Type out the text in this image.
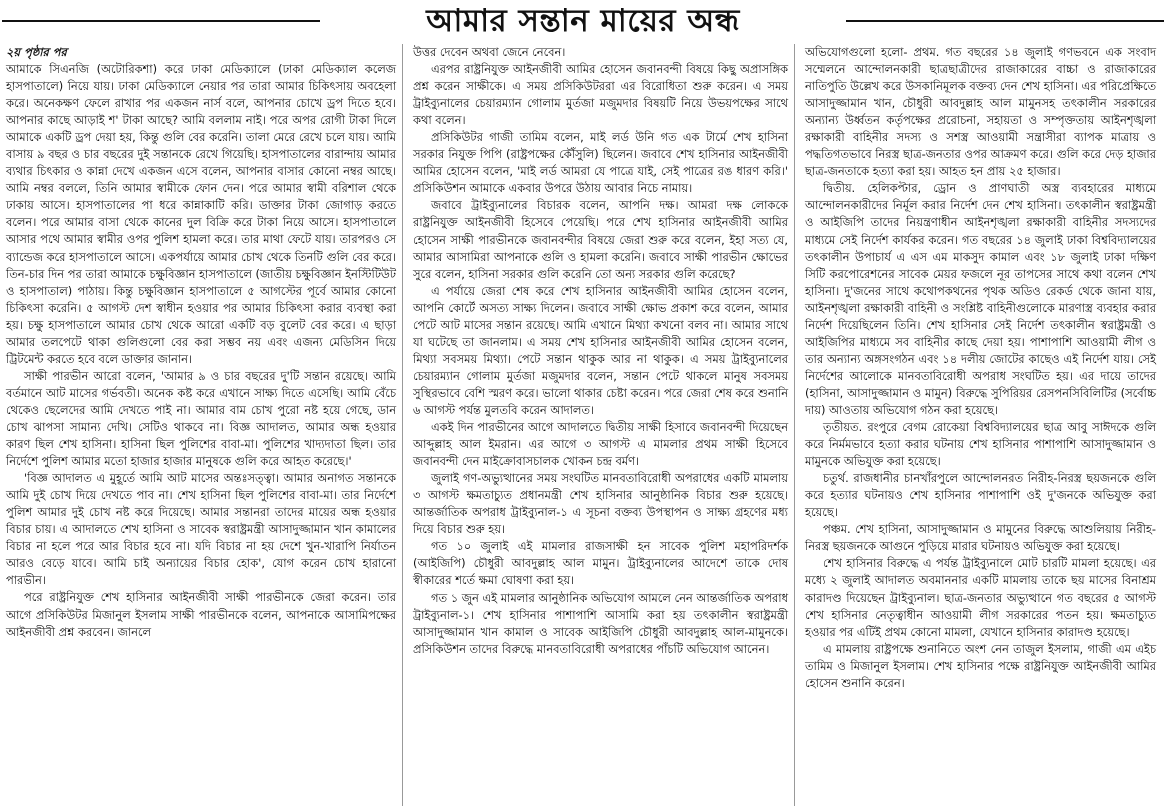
আমার সন্তান মায়ের অন্ধ

২য় পৃষ্ঠার পর

আমাকে সিএনজি (অটোরিকশা) করে ঢাকা মেডিক্যালে (ঢাকা মেডিক্যাল কলেজ হাসপাতালে) নিয়ে যায়। ঢাকা মেডিক্যালে নেয়ার পর তারা আমার চিকিৎসায় অবহেলা করে। অনেকক্ষণ ফেলে রাখার পর একজন নার্স বলে, আপনার চোখে ড্রপ দিতে হবে। আপনার কাছে আড়াই শ' টাকা আছে? আমি বললাম নাই। পরে অপর রোগী টাকা দিলে আমাকে একটি ড্রপ দেয়া হয়, কিন্তু গুলি বের করেনি। তালা মেরে রেখে চলে যায়। আমি বাসায় ৯ বছর ও চার বছরের দুই সন্তানকে রেখে গিয়েছি। হাসপাতালের বারান্দায় আমার ব্যথার চিৎকার ও কান্না দেখে একজন এসে বলেন, আপনার বাসার কোনো নম্বর আছে। আমি নম্বর বললে, তিনি আমার স্বামীকে ফোন দেন। পরে আমার স্বামী বরিশাল থেকে ঢাকায় আসে। হাসপাতালের পা ধরে কান্নাকাটি করি। ডাক্তার টাকা জোগাড় করতে বলেন। পরে আমার বাসা থেকে কানের দুল বিক্রি করে টাকা নিয়ে আসে। হাসপাতালে আসার পথে আমার স্বামীর ওপর পুলিশ হামলা করে। তার মাথা ফেটে যায়। তারপরও সে ব্যান্ডেজ করে হাসপাতালে আসে। একপর্যায়ে আমার চোখ থেকে তিনটি গুলি বের করে। তিন-চার দিন পর তারা আমাকে চক্ষুবিজ্ঞান হাসপাতালে (জাতীয় চক্ষুবিজ্ঞান ইনস্টিটিউট ও হাসপাতাল) পাঠায়। কিন্তু চক্ষুবিজ্ঞান হাসপাতালে ৫ আগস্টের পূর্বে আমার কোনো চিকিৎসা করেনি। ৫ আগস্ট দেশ স্বাধীন হওয়ার পর আমার চিকিৎসা করার ব্যবস্থা করা হয়। চক্ষু হাসপাতালে আমার চোখ থেকে আরো একটি বড় বুলেট বের করে। এ ছাড়া আমার তলপেটে থাকা গুলিগুলো বের করা সম্ভব নয় এবং এজন্য মেডিসিন দিয়ে ট্রিটমেন্ট করতে হবে বলে ডাক্তার জানান।

সাক্ষী পারভীন আরো বলেন, 'আমার ৯ ও চার বছরের দু'টি সন্তান রয়েছে। আমি বর্তমানে আট মাসের গর্ভবতী। অনেক কষ্ট করে এখানে সাক্ষ্য দিতে এসেছি। আমি বেঁচে থেকেও ছেলেদের আমি দেখতে পাই না। আমার বাম চোখ পুরো নষ্ট হয়ে গেছে, ডান চোখ ঝাপসা সামান্য দেখি। সেটিও থাকবে না। বিজ্ঞ আদালত, আমার অন্ধ হওয়ার কারণ ছিল শেখ হাসিনা। হাসিনা ছিল পুলিশের বাবা-মা। পুলিশের খাদ্যদাতা ছিল। তার নির্দেশে পুলিশ আমার মতো হাজার হাজার মানুষকে গুলি করে আহত করেছে।'

'বিজ্ঞ আদালত এ মুহূর্তে আমি আট মাসের অন্তঃসত্ত্বা। আমার অনাগত সন্তানকে আমি দুই চোখ দিয়ে দেখতে পাব না। শেখ হাসিনা ছিল পুলিশের বাবা-মা। তার নির্দেশে পুলিশ আমার দুই চোখ নষ্ট করে দিয়েছে। আমার সন্তানরা তাদের মায়ের অন্ধ হওয়ার বিচার চায়। এ আদালতে শেখ হাসিনা ও সাবেক স্বরাষ্ট্রমন্ত্রী আসাদুজ্জামান খান কামালের বিচার না হলে পরে আর বিচার হবে না। যদি বিচার না হয় দেশে খুন-খারাপি নির্যাতন আরও বেড়ে যাবে। আমি চাই অন্যায়ের বিচার হোক', যোগ করেন চোখ হারানো পারভীন।

পরে রাষ্ট্রনিযুক্ত শেখ হাসিনার আইনজীবী সাক্ষী পারভীনকে জেরা করেন। তার আগে প্রসিকিউটর মিজানুল ইসলাম সাক্ষী পারভীনকে বলেন, আপনাকে আসামিপক্ষের আইনজীবী প্রশ্ন করবেন। জানলে

উত্তর দেবেন অথবা জেনে নেবেন।

এরপর রাষ্ট্রনিযুক্ত আইনজীবী আমির হোসেন জবানবন্দী বিষয়ে কিছু অপ্রাসঙ্গিক প্রশ্ন করেন সাক্ষীকে। এ সময় প্রসিকিউটররা এর বিরোধিতা শুরু করেন। এ সময় ট্রাইব্যুনালের চেয়ারম্যান গোলাম মুর্তজা মজুমদার বিষয়টি নিয়ে উভয়পক্ষের সাথে কথা বলেন।

প্রসিকিউটর গাজী তামিম বলেন, মাই লর্ড উনি গত এক টার্মে শেখ হাসিনা সরকার নিযুক্ত পিপি (রাষ্ট্রপক্ষের কৌঁসুলি) ছিলেন। জবাবে শেখ হাসিনার আইনজীবী আমির হোসেন বলেন, 'মাই লর্ড আমরা যে পাত্রে যাই, সেই পাত্রের রঙ ধারণ করি।' প্রসিকিউশন আমাকে একবার উপরে উঠায় আবার নিচে নামায়।

জবাবে ট্রাইব্যুনালের বিচারক বলেন, আপনি দক্ষ। আমরা দক্ষ লোককে রাষ্ট্রনিযুক্ত আইনজীবী হিসেবে পেয়েছি। পরে শেখ হাসিনার আইনজীবী আমির হোসেন সাক্ষী পারভীনকে জবানবন্দীর বিষয়ে জেরা শুরু করে বলেন, ইহা সত্য যে, আমার আসামিরা আপনাকে গুলি ও হামলা করেনি। জবাবে সাক্ষী পারভীন ক্ষোভের সুরে বলেন, হাসিনা সরকার গুলি করেনি তো অন্য সরকার গুলি করেছে?

এ পর্যায়ে জেরা শেষ করে শেখ হাসিনার আইনজীবী আমির হোসেন বলেন, আপনি কোর্টে অসত্য সাক্ষ্য দিলেন। জবাবে সাক্ষী ক্ষোভ প্রকাশ করে বলেন, আমার পেটে আট মাসের সন্তান রয়েছে। আমি এখানে মিথ্যা কখনো বলব না। আমার সাথে যা ঘটেছে তা জানলাম। এ সময় শেখ হাসিনার আইনজীবী আমির হোসেন বলেন, মিথ্যা সবসময় মিথ্যা। পেটে সন্তান থাকুক আর না থাকুক। এ সময় ট্রাইব্যুনালের চেয়ারম্যান গোলাম মুর্তজা মজুমদার বলেন, সন্তান পেটে থাকলে মানুষ সবসময় সুস্থিরভাবে বেশি স্মরণ করে। ভালো থাকার চেষ্টা করেন। পরে জেরা শেষ করে শুনানি ৬ আগস্ট পর্যন্ত মুলতবি করেন আদালত।

একই দিন পারভীনের আগে আদালতে দ্বিতীয় সাক্ষী হিসাবে জবানবন্দী দিয়েছেন আব্দুল্লাহ আল ইমরান। এর আগে ৩ আগস্ট এ মামলার প্রথম সাক্ষী হিসেবে জবানবন্দী দেন মাইক্রোবাসচালক খোকন চন্দ্র বর্মণ।

জুলাই গণ-অভ্যুত্থানের সময় সংঘটিত মানবতাবিরোধী অপরাধের একটি মামলায় ৩ আগস্ট ক্ষমতাচ্যুত প্রধানমন্ত্রী শেখ হাসিনার আনুষ্ঠানিক বিচার শুরু হয়েছে। আন্তর্জাতিক অপরাধ ট্রাইব্যুনাল-১ এ সূচনা বক্তব্য উপস্থাপন ও সাক্ষ্য গ্রহণের মধ্য দিয়ে বিচার শুরু হয়।

গত ১০ জুলাই এই মামলার রাজসাক্ষী হন সাবেক পুলিশ মহাপরিদর্শক (আইজিপি) চৌধুরী আবদুল্লাহ আল মামুন। ট্রাইব্যুনালের আদেশে তাকে দোষ স্বীকারের শর্তে ক্ষমা ঘোষণা করা হয়।

গত ১ জুন এই মামলার আনুষ্ঠানিক অভিযোগ আমলে নেন আন্তর্জাতিক অপরাধ ট্রাইব্যুনাল-১। শেখ হাসিনার পাশাপাশি আসামি করা হয় তৎকালীন স্বরাষ্ট্রমন্ত্রী আসাদুজ্জামান খান কামাল ও সাবেক আইজিপি চৌধুরী আবদুল্লাহ আল-মামুনকে। প্রসিকিউশন তাদের বিরুদ্ধে মানবতাবিরোধী অপরাধের পাঁচটি অভিযোগ আনেন।

অভিযোগগুলো হলো- প্রথম. গত বছরের ১৪ জুলাই গণভবনে এক সংবাদ সম্মেলনে আন্দোলনকারী ছাত্রছাত্রীদের রাজাকারের বাচ্চা ও রাজাকারের নাতিপুতি উল্লেখ করে উসকানিমূলক বক্তব্য দেন শেখ হাসিনা। এর পরিপ্রেক্ষিতে আসাদুজ্জামান খান, চৌধুরী আবদুল্লাহ আল মামুনসহ তৎকালীন সরকারের অন্যান্য উর্ধ্বতন কর্তৃপক্ষের প্ররোচনা, সহায়তা ও সম্পৃক্ততায় আইনশৃঙ্খলা রক্ষাকারী বাহিনীর সদস্য ও সশস্ত্র আওয়ামী সন্ত্রাসীরা ব্যাপক মাত্রায় ও পদ্ধতিগতভাবে নিরস্ত্র ছাত্র-জনতার ওপর আক্রমণ করে। গুলি করে দেড় হাজার ছাত্র-জনতাকে হত্যা করা হয়। আহত হন প্রায় ২৫ হাজার।

দ্বিতীয়. হেলিকপ্টার, ড্রোন ও প্রাণঘাতী অস্ত্র ব্যবহারের মাধ্যমে আন্দোলনকারীদের নির্মূল করার নির্দেশ দেন শেখ হাসিনা। তৎকালীন স্বরাষ্ট্রমন্ত্রী ও আইজিপি তাদের নিয়ন্ত্রণাধীন আইনশৃঙ্খলা রক্ষাকারী বাহিনীর সদস্যদের মাধ্যমে সেই নির্দেশ কার্যকর করেন। গত বছরের ১৪ জুলাই ঢাকা বিশ্ববিদ্যালয়ের তৎকালীন উপাচার্য এ এস এম মাকসুদ কামাল এবং ১৮ জুলাই ঢাকা দক্ষিণ সিটি করপোরেশনের সাবেক মেয়র ফজলে নূর তাপসের সাথে কথা বলেন শেখ হাসিনা। দু'জনের সাথে কথোপকথনের পৃথক অডিও রেকর্ড থেকে জানা যায়, আইনশৃঙ্খলা রক্ষাকারী বাহিনী ও সংশ্লিষ্ট বাহিনীগুলোকে মারণাস্ত্র ব্যবহার করার নির্দেশ দিয়েছিলেন তিনি। শেখ হাসিনার সেই নির্দেশ তৎকালীন স্বরাষ্ট্রমন্ত্রী ও আইজিপির মাধ্যমে সব বাহিনীর কাছে দেয়া হয়। পাশাপাশি আওয়ামী লীগ ও তার অন্যান্য অঙ্গসংগঠন এবং ১৪ দলীয় জোটের কাছেও এই নির্দেশ যায়। সেই নির্দেশের আলোকে মানবতাবিরোধী অপরাধ সংঘটিত হয়। এর দায়ে তাদের (হাসিনা, আসাদুজ্জামান ও মামুন) বিরুদ্ধে সুপিরিয়র রেসপনসিবিলিটির (সর্বোচ্চ দায়) আওতায় অভিযোগ গঠন করা হয়েছে।

তৃতীয়ত. রংপুরে বেগম রোকেয়া বিশ্ববিদ্যালয়ের ছাত্র আবু সাঈদকে গুলি করে নির্মমভাবে হত্যা করার ঘটনায় শেখ হাসিনার পাশাপাশি আসাদুজ্জামান ও মামুনকে অভিযুক্ত করা হয়েছে।

চতুর্থ. রাজধানীর চানখাঁরপুলে আন্দোলনরত নিরীহ-নিরস্ত্র ছয়জনকে গুলি করে হত্যার ঘটনায়ও শেখ হাসিনার পাশাপাশি ওই দু'জনকে অভিযুক্ত করা হয়েছে।

পঞ্চম. শেখ হাসিনা, আসাদুজ্জামান ও মামুনের বিরুদ্ধে আশুলিয়ায় নিরীহ-নিরস্ত্র ছয়জনকে আগুনে পুড়িয়ে মারার ঘটনায়ও অভিযুক্ত করা হয়েছে।

শেখ হাসিনার বিরুদ্ধে এ পর্যন্ত ট্রাইব্যুনালে মোট চারটি মামলা হয়েছে। এর মধ্যে ২ জুলাই আদালত অবমাননার একটি মামলায় তাকে ছয় মাসের বিনাশ্রম কারাদণ্ড দিয়েছেন ট্রাইব্যুনাল। ছাত্র-জনতার অভ্যুত্থানে গত বছরের ৫ আগস্ট শেখ হাসিনার নেতৃত্বাধীন আওয়ামী লীগ সরকারের পতন হয়। ক্ষমতাচ্যুত হওয়ার পর এটিই প্রথম কোনো মামলা, যেখানে হাসিনার কারাদণ্ড হয়েছে।

এ মামলায় রাষ্ট্রপক্ষে শুনানিতে অংশ নেন তাজুল ইসলাম, গাজী এম এইচ তামিম ও মিজানুল ইসলাম। শেখ হাসিনার পক্ষে রাষ্ট্রনিযুক্ত আইনজীবী আমির হোসেন শুনানি করেন।
